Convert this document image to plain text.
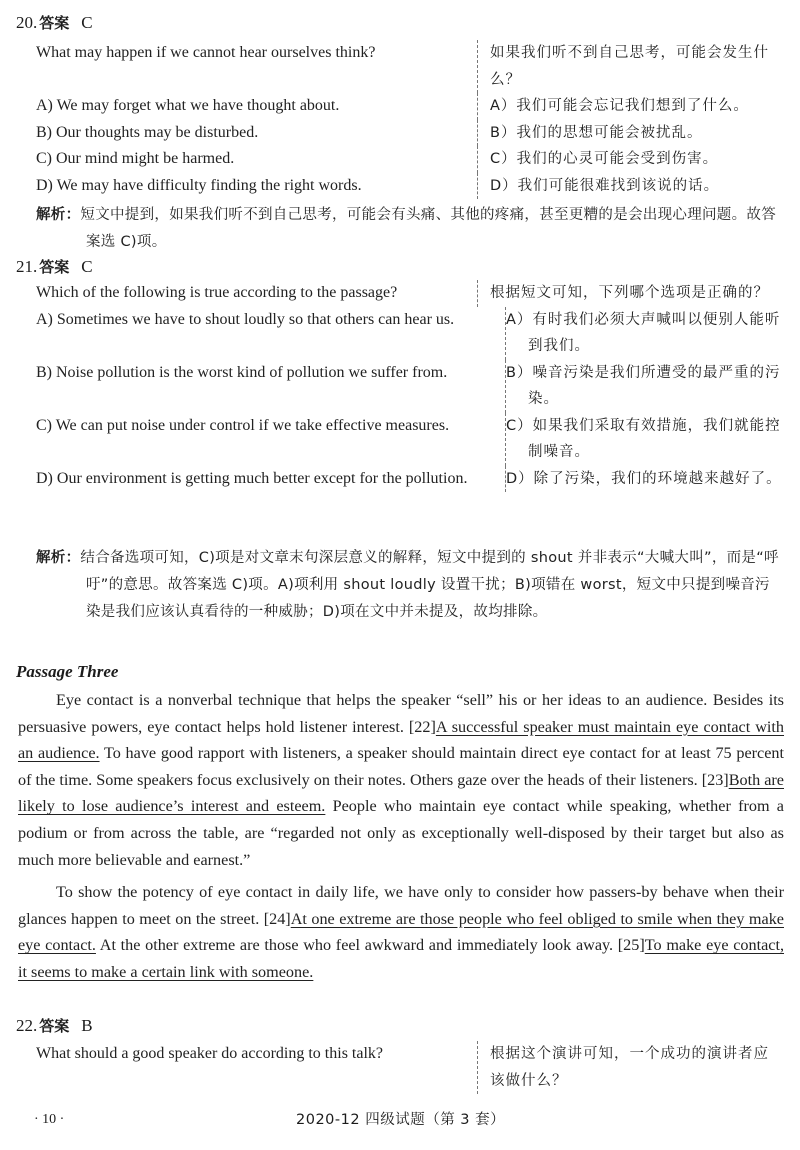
20. 答案 C
What may happen if we cannot hear ourselves think?	如果我们听不到自己思考，可能会发生什么？
A) We may forget what we have thought about.	A）我们可能会忘记我们想到了什么。
B) Our thoughts may be disturbed.	B）我们的思想可能会被扰乱。
C) Our mind might be harmed.	C）我们的心灵可能会受到伤害。
D) We may have difficulty finding the right words.	D）我们可能很难找到该说的话。
解析：短文中提到，如果我们听不到自己思考，可能会有头痛、其他的疼痛，甚至更糟的是会出现心理问题。故答案选 C)项。
21. 答案 C
Which of the following is true according to the passage?	根据短文可知，下列哪个选项是正确的？
A) Sometimes we have to shout loudly so that others can hear us.	A）有时我们必须大声喊叫以便别人能听到我们。
B) Noise pollution is the worst kind of pollution we suffer from.	B）噪音污染是我们所遭受的最严重的污染。
C) We can put noise under control if we take effective measures.	C）如果我们采取有效措施，我们就能控制噪音。
D) Our environment is getting much better except for the pollution.	D）除了污染，我们的环境越来越好了。
解析：结合备选项可知，C)项是对文章末句深层意义的解释，短文中提到的 shout 并非表示“大喊大叫”，而是“呼吁”的意思。故答案选 C)项。A)项利用 shout loudly 设置干扰；B)项错在 worst，短文中只提到噪音污染是我们应该认真看待的一种威胁；D)项在文中并未提及，故均排除。
Passage Three

Eye contact is a nonverbal technique that helps the speaker “sell” his or her ideas to an audience. Besides its persuasive powers, eye contact helps hold listener interest. [22]A successful speaker must maintain eye contact with an audience. To have good rapport with listeners, a speaker should maintain direct eye contact for at least 75 percent of the time. Some speakers focus exclusively on their notes. Others gaze over the heads of their listeners. [23]Both are likely to lose audience’s interest and esteem. People who maintain eye contact while speaking, whether from a podium or from across the table, are “regarded not only as exceptionally well-disposed by their target but also as much more believable and earnest.”

To show the potency of eye contact in daily life, we have only to consider how passers-by behave when their glances happen to meet on the street. [24]At one extreme are those people who feel obliged to smile when they make eye contact. At the other extreme are those who feel awkward and immediately look away. [25]To make eye contact, it seems to make a certain link with someone.

22. 答案 B
What should a good speaker do according to this talk?	根据这个演讲可知，一个成功的演讲者应该做什么？
· 10 ·	2020-12 四级试题（第 3 套）
